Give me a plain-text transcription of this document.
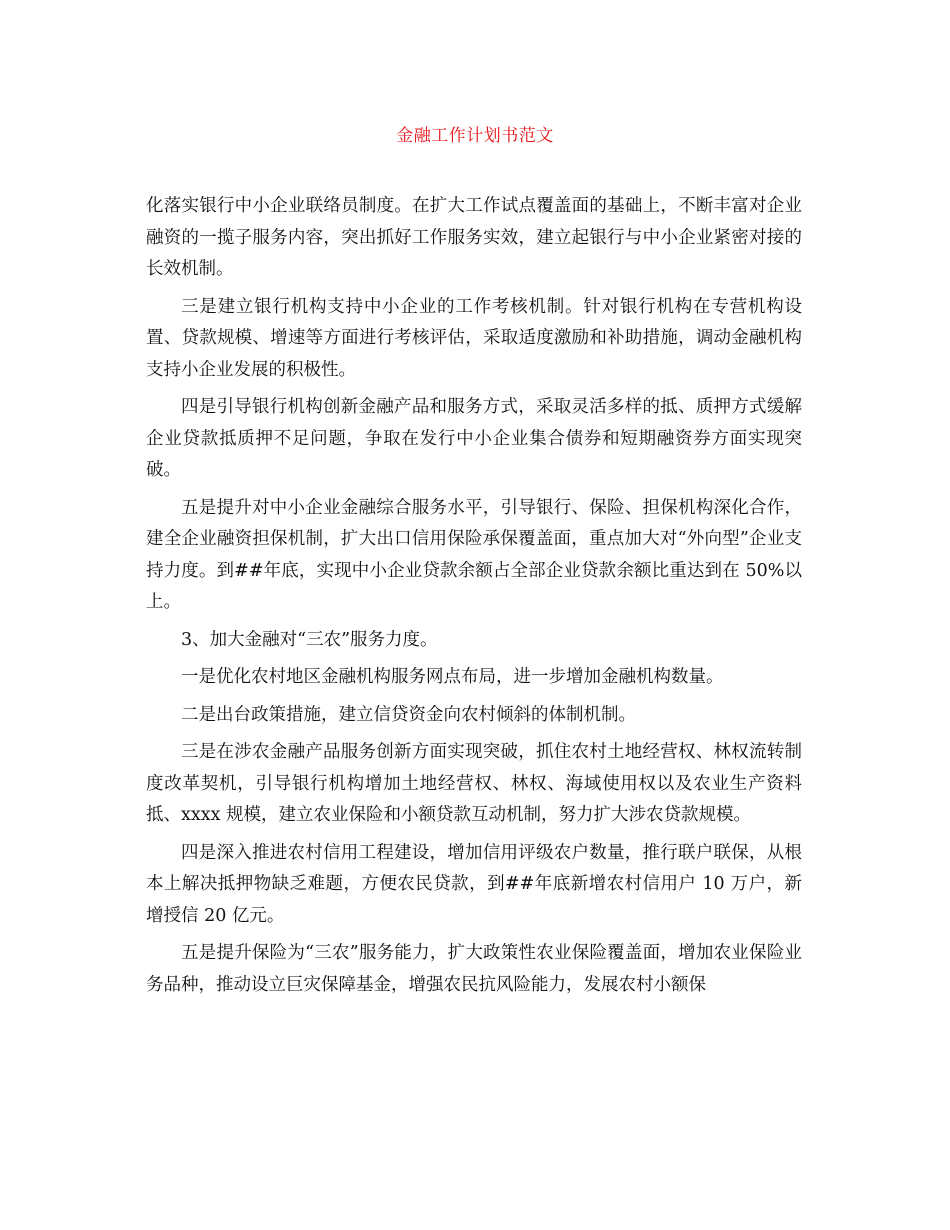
金融工作计划书范文

化落实银行中小企业联络员制度。在扩大工作试点覆盖面的基础上，不断丰富对企业融资的一揽子服务内容，突出抓好工作服务实效，建立起银行与中小企业紧密对接的长效机制。

三是建立银行机构支持中小企业的工作考核机制。针对银行机构在专营机构设置、贷款规模、增速等方面进行考核评估，采取适度激励和补助措施，调动金融机构支持小企业发展的积极性。

四是引导银行机构创新金融产品和服务方式，采取灵活多样的抵、质押方式缓解企业贷款抵质押不足问题，争取在发行中小企业集合债券和短期融资券方面实现突破。

五是提升对中小企业金融综合服务水平，引导银行、保险、担保机构深化合作，建全企业融资担保机制，扩大出口信用保险承保覆盖面，重点加大对“外向型”企业支持力度。到##年底，实现中小企业贷款余额占全部企业贷款余额比重达到在 50%以上。

3、加大金融对“三农”服务力度。

一是优化农村地区金融机构服务网点布局，进一步增加金融机构数量。

二是出台政策措施，建立信贷资金向农村倾斜的体制机制。

三是在涉农金融产品服务创新方面实现突破，抓住农村土地经营权、林权流转制度改革契机，引导银行机构增加土地经营权、林权、海域使用权以及农业生产资料抵、xxxx 规模，建立农业保险和小额贷款互动机制，努力扩大涉农贷款规模。

四是深入推进农村信用工程建设，增加信用评级农户数量，推行联户联保，从根本上解决抵押物缺乏难题，方便农民贷款，到##年底新增农村信用户 10 万户，新增授信 20 亿元。

五是提升保险为“三农”服务能力，扩大政策性农业保险覆盖面，增加农业保险业务品种，推动设立巨灾保障基金，增强农民抗风险能力，发展农村小额保
